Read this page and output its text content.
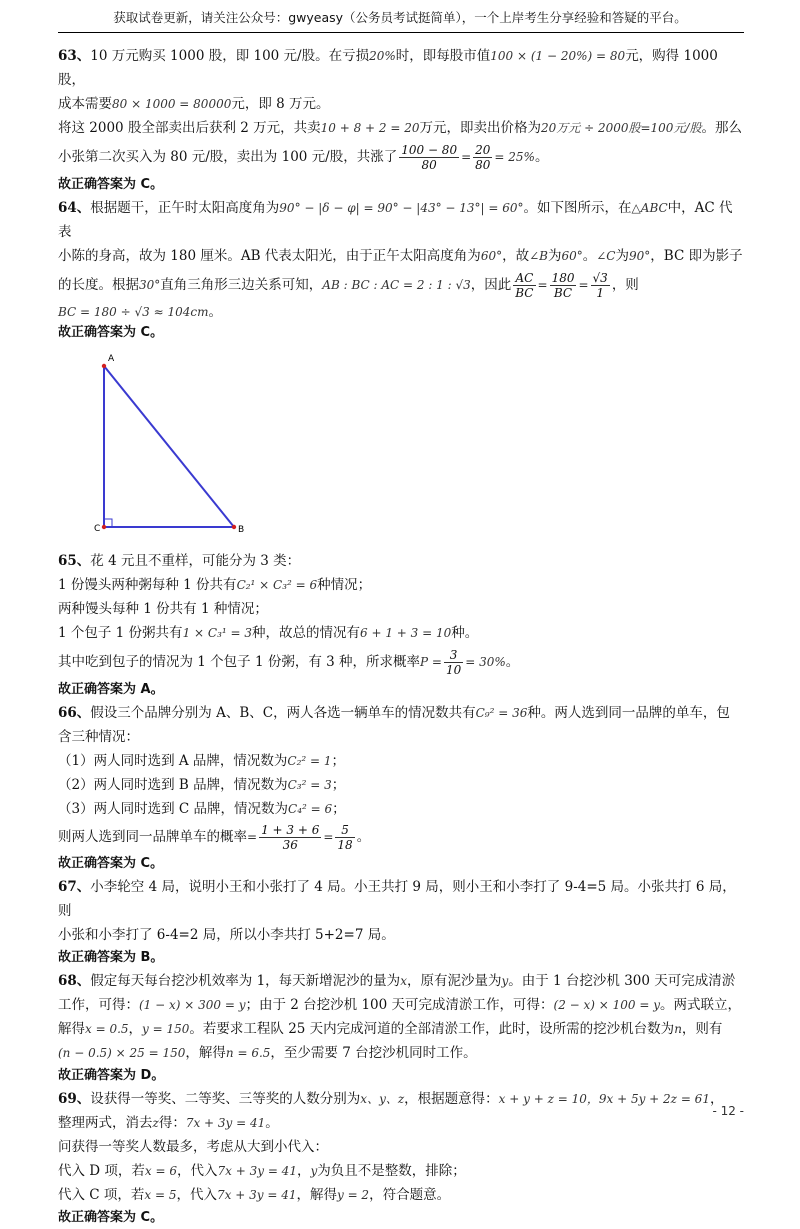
获取试卷更新，请关注公众号：gwyeasy（公务员考试挺简单），一个上岸考生分享经验和答疑的平台。

63、10 万元购买 1000 股，即 100 元/股。在亏损20%时，即每股市值100 × (1 − 20%) = 80元，购得 1000 股，

成本需要80 × 1000 = 80000元，即 8 万元。

将这 2000 股全部卖出后获利 2 万元，共卖10 + 8 + 2 = 20万元，即卖出价格为20万元 ÷ 2000股=100元/股。那么

小张第二次买入为 80 元/股，卖出为 100 元/股，共涨了 $\frac{100 - 80}{80} = \frac{20}{80} = 25\%$。

故正确答案为 C。

64、根据题干，正午时太阳高度角为90° − |δ − φ| = 90° − |43° − 13°| = 60°。如下图所示，在△ABC中，AC 代表

小陈的身高，故为 180 厘米。AB 代表太阳光，由于正午太阳高度角为60°，故∠B为60°。∠C为90°，BC 即为影子

的长度。根据30°直角三角形三边关系可知，AB : BC : AC = 2 : 1 : √3，因此 $\frac{AC}{BC} = \frac{180}{BC} = \frac{√3}{1}$ ，则

BC = 180 ÷ √3 ≈ 104cm。

故正确答案为 C。

A
C	B

65、花 4 元且不重样，可能分为 3 类：

1 份馒头两种粥每种 1 份共有C₂¹ × C₃² = 6种情况；

两种馒头每种 1 份共有 1 种情况；

1 个包子 1 份粥共有1 × C₃¹ = 3种，故总的情况有6 + 1 + 3 = 10种。

其中吃到包子的情况为 1 个包子 1 份粥，有 3 种，所求概率$P = \frac{3}{10} = 30\%$。

故正确答案为 A。

66、假设三个品牌分别为 A、B、C，两人各选一辆单车的情况数共有C₉² = 36种。两人选到同一品牌的单车，包

含三种情况：

（1）两人同时选到 A 品牌，情况数为C₂² = 1；

（2）两人同时选到 B 品牌，情况数为C₃² = 3；

（3）两人同时选到 C 品牌，情况数为C₄² = 6；

则两人选到同一品牌单车的概率= $\frac{1 + 3 + 6}{36} = \frac{5}{18}$ 。

故正确答案为 C。

67、小李轮空 4 局，说明小王和小张打了 4 局。小王共打 9 局，则小王和小李打了 9-4=5 局。小张共打 6 局，则

小张和小李打了 6-4=2 局，所以小李共打 5+2=7 局。

故正确答案为 B。

68、假定每天每台挖沙机效率为 1，每天新增泥沙的量为x，原有泥沙量为y。由于 1 台挖沙机 300 天可完成清淤

工作，可得：(1 − x) × 300 = y；由于 2 台挖沙机 100 天可完成清淤工作，可得：(2 − x) × 100 = y。两式联立，

解得x = 0.5，y = 150。若要求工程队 25 天内完成河道的全部清淤工作，此时，设所需的挖沙机台数为n，则有

(n − 0.5) × 25 = 150，解得n = 6.5，至少需要 7 台挖沙机同时工作。

故正确答案为 D。

69、设获得一等奖、二等奖、三等奖的人数分别为x、y、z，根据题意得：x + y + z = 10，9x + 5y + 2z = 61，

整理两式，消去z得：7x + 3y = 41。

问获得一等奖人数最多，考虑从大到小代入：

代入 D 项，若x = 6，代入7x + 3y = 41，y为负且不是整数，排除；

代入 C 项，若x = 5，代入7x + 3y = 41，解得y = 2，符合题意。

故正确答案为 C。

- 12 -
